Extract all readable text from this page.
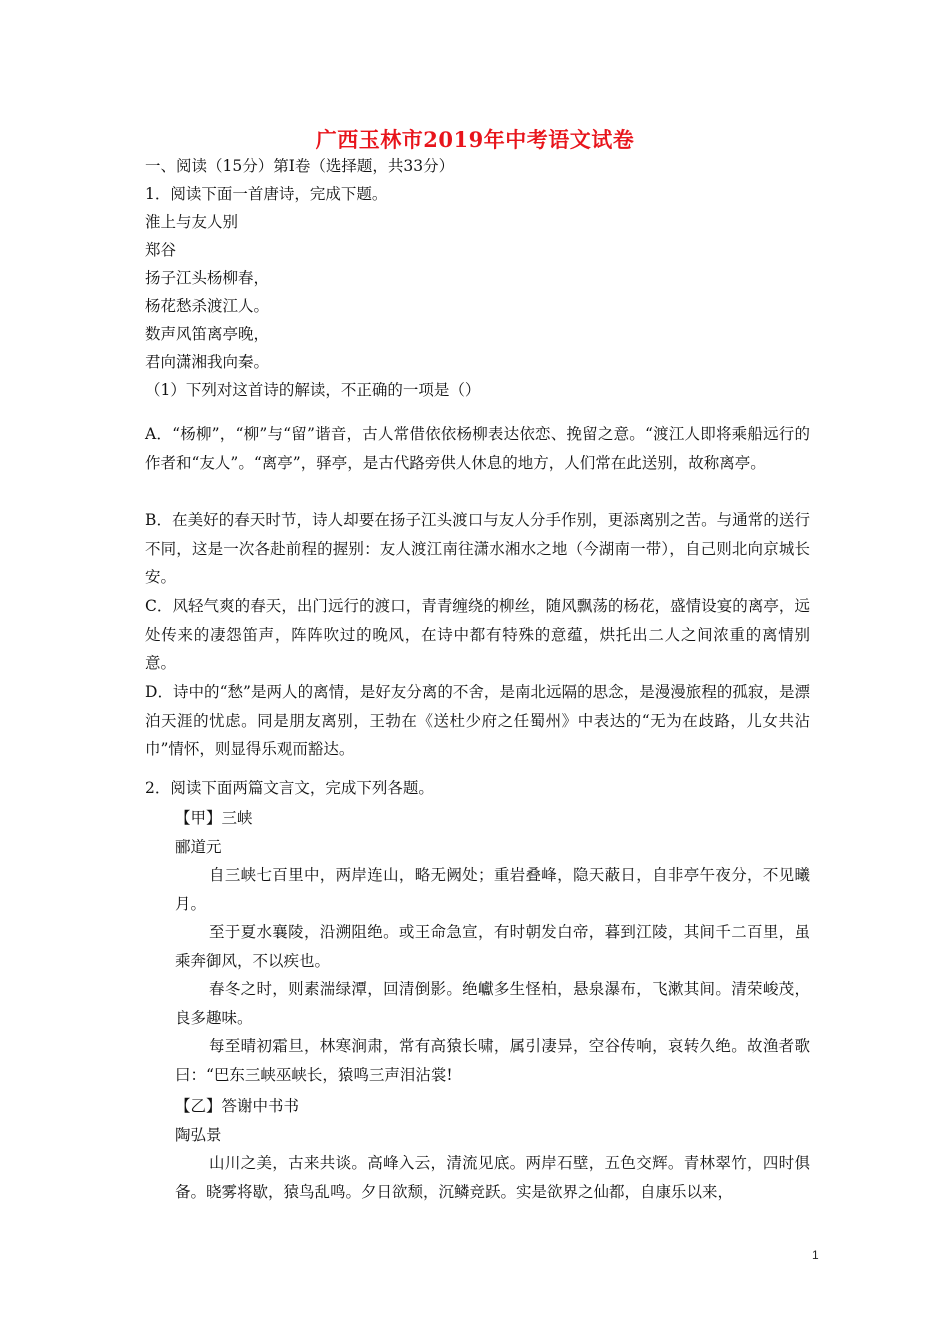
广西玉林市2019年中考语文试卷
一、阅读（15分）第Ⅰ卷（选择题，共33分）
1．阅读下面一首唐诗，完成下题。
淮上与友人别
郑谷
扬子江头杨柳春，
杨花愁杀渡江人。
数声风笛离亭晚，
君向潇湘我向秦。
（1）下列对这首诗的解读，不正确的一项是（）
A．“杨柳”，“柳”与“留”谐音，古人常借依依杨柳表达依恋、挽留之意。“渡江人即将乘船远行的作者和“友人”。“离亭”，驿亭，是古代路旁供人休息的地方，人们常在此送别，故称离亭。
B．在美好的春天时节，诗人却要在扬子江头渡口与友人分手作别，更添离别之苦。与通常的送行不同，这是一次各赴前程的握别：友人渡江南往潇水湘水之地（今湖南一带），自己则北向京城长安。
C．风轻气爽的春天，出门远行的渡口，青青缠绕的柳丝，随风飘荡的杨花，盛情设宴的离亭，远处传来的凄怨笛声，阵阵吹过的晚风，在诗中都有特殊的意蕴，烘托出二人之间浓重的离情别意。
D．诗中的“愁”是两人的离情，是好友分离的不舍，是南北远隔的思念，是漫漫旅程的孤寂，是漂泊天涯的忧虑。同是朋友离别，王勃在《送杜少府之任蜀州》中表达的“无为在歧路，儿女共沾巾”情怀，则显得乐观而豁达。
2．阅读下面两篇文言文，完成下列各题。
【甲】三峡
郦道元
自三峡七百里中，两岸连山，略无阙处；重岩叠峰，隐天蔽日，自非亭午夜分，不见曦月。
至于夏水襄陵，沿溯阻绝。或王命急宣，有时朝发白帝，暮到江陵，其间千二百里，虽乘奔御风，不以疾也。
春冬之时，则素湍绿潭，回清倒影。绝巘多生怪柏，悬泉瀑布，飞漱其间。清荣峻茂，良多趣味。
每至晴初霜旦，林寒涧肃，常有高猿长啸，属引凄异，空谷传响，哀转久绝。故渔者歌曰：“巴东三峡巫峡长，猿鸣三声泪沾裳!
【乙】答谢中书书
陶弘景
山川之美，古来共谈。高峰入云，清流见底。两岸石壁，五色交辉。青林翠竹，四时俱备。晓雾将歇，猿鸟乱鸣。夕日欲颓，沉鳞竞跃。实是欲界之仙都，自康乐以来，
1
